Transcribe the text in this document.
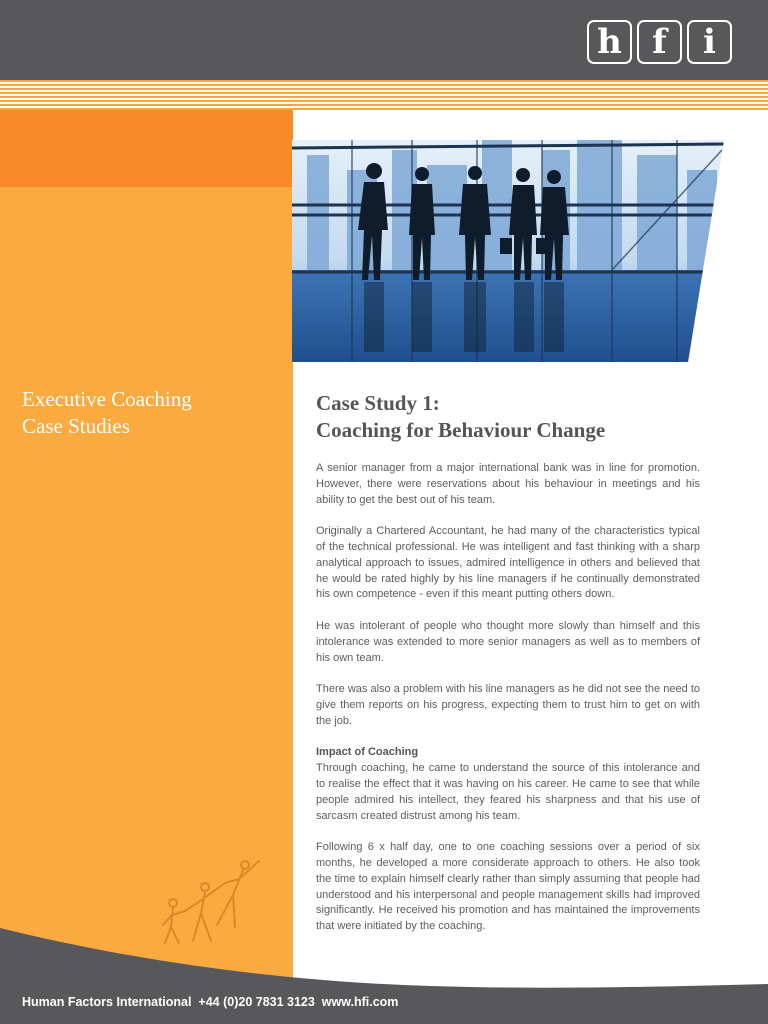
h f	i
Executive Coaching
Case Studies
Case Study 1:
Coaching for Behaviour Change

A senior manager from a major international bank was in line for promotion. However, there were reservations about his behaviour in meetings and his ability to get the best out of his team.

Originally a Chartered Accountant, he had many of the characteristics typical of the technical professional. He was intelligent and fast thinking with a sharp analytical approach to issues, admired intelligence in others and believed that he would be rated highly by his line managers if he continually demonstrated his own competence - even if this meant putting others down.

He was intolerant of people who thought more slowly than himself and this intolerance was extended to more senior managers as well as to members of his own team.

There was also a problem with his line managers as he did not see the need to give them reports on his progress, expecting them to trust him to get on with the job.

Impact of Coaching
Through coaching, he came to understand the source of this intolerance and to realise the effect that it was having on his career. He came to see that while people admired his intellect, they feared his sharpness and that his use of sarcasm created distrust among his team.

Following 6 x half day, one to one coaching sessions over a period of six months, he developed a more considerate approach to others. He also took the time to explain himself clearly rather than simply assuming that people had understood and his interpersonal and people management skills had improved significantly. He received his promotion and has maintained the improvements that were initiated by the coaching.

Human Factors International  +44 (0)20 7831 3123  www.hfi.com
